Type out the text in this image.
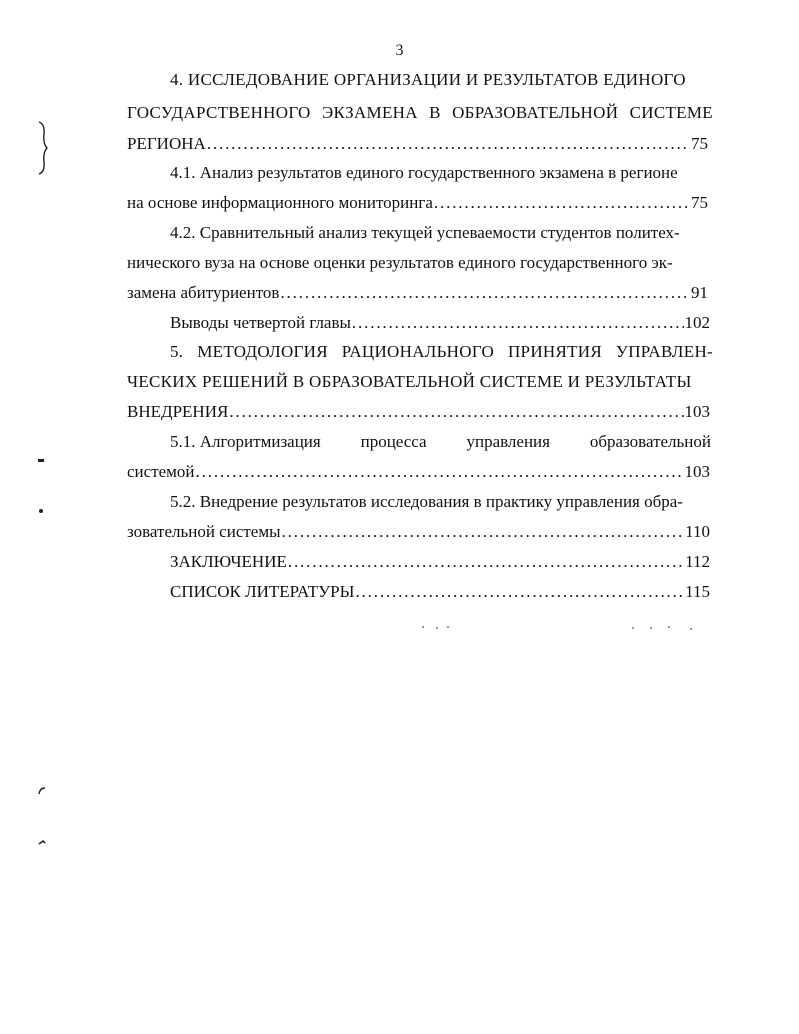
3
4. ИССЛЕДОВАНИЕ ОРГАНИЗАЦИИ И РЕЗУЛЬТАТОВ ЕДИНОГО
ГОСУДАРСТВЕННОГО ЭКЗАМЕНА В ОБРАЗОВАТЕЛЬНОЙ СИСТЕМЕ
РЕГИОНА . . .	75
4.1. Анализ результатов единого государственного экзамена в регионе
на основе информационного мониторинга . . .	75
4.2. Сравнительный анализ текущей успеваемости студентов политех-
нического вуза на основе оценки результатов единого государственного эк-
замена абитуриентов . . .	91
Выводы четвертой главы . . .	102
5. МЕТОДОЛОГИЯ РАЦИОНАЛЬНОГО ПРИНЯТИЯ УПРАВЛЕН-
ЧЕСКИХ РЕШЕНИЙ В ОБРАЗОВАТЕЛЬНОЙ СИСТЕМЕ И РЕЗУЛЬТАТЫ
ВНЕДРЕНИЯ . . .	103
5.1. Алгоритмизация процесса управления образовательной
системой . . .	103
5.2. Внедрение результатов исследования в практику управления обра-
зовательной системы . . .	110
ЗАКЛЮЧЕНИЕ . . .	112
СПИСОК ЛИТЕРАТУРЫ . . .	115
